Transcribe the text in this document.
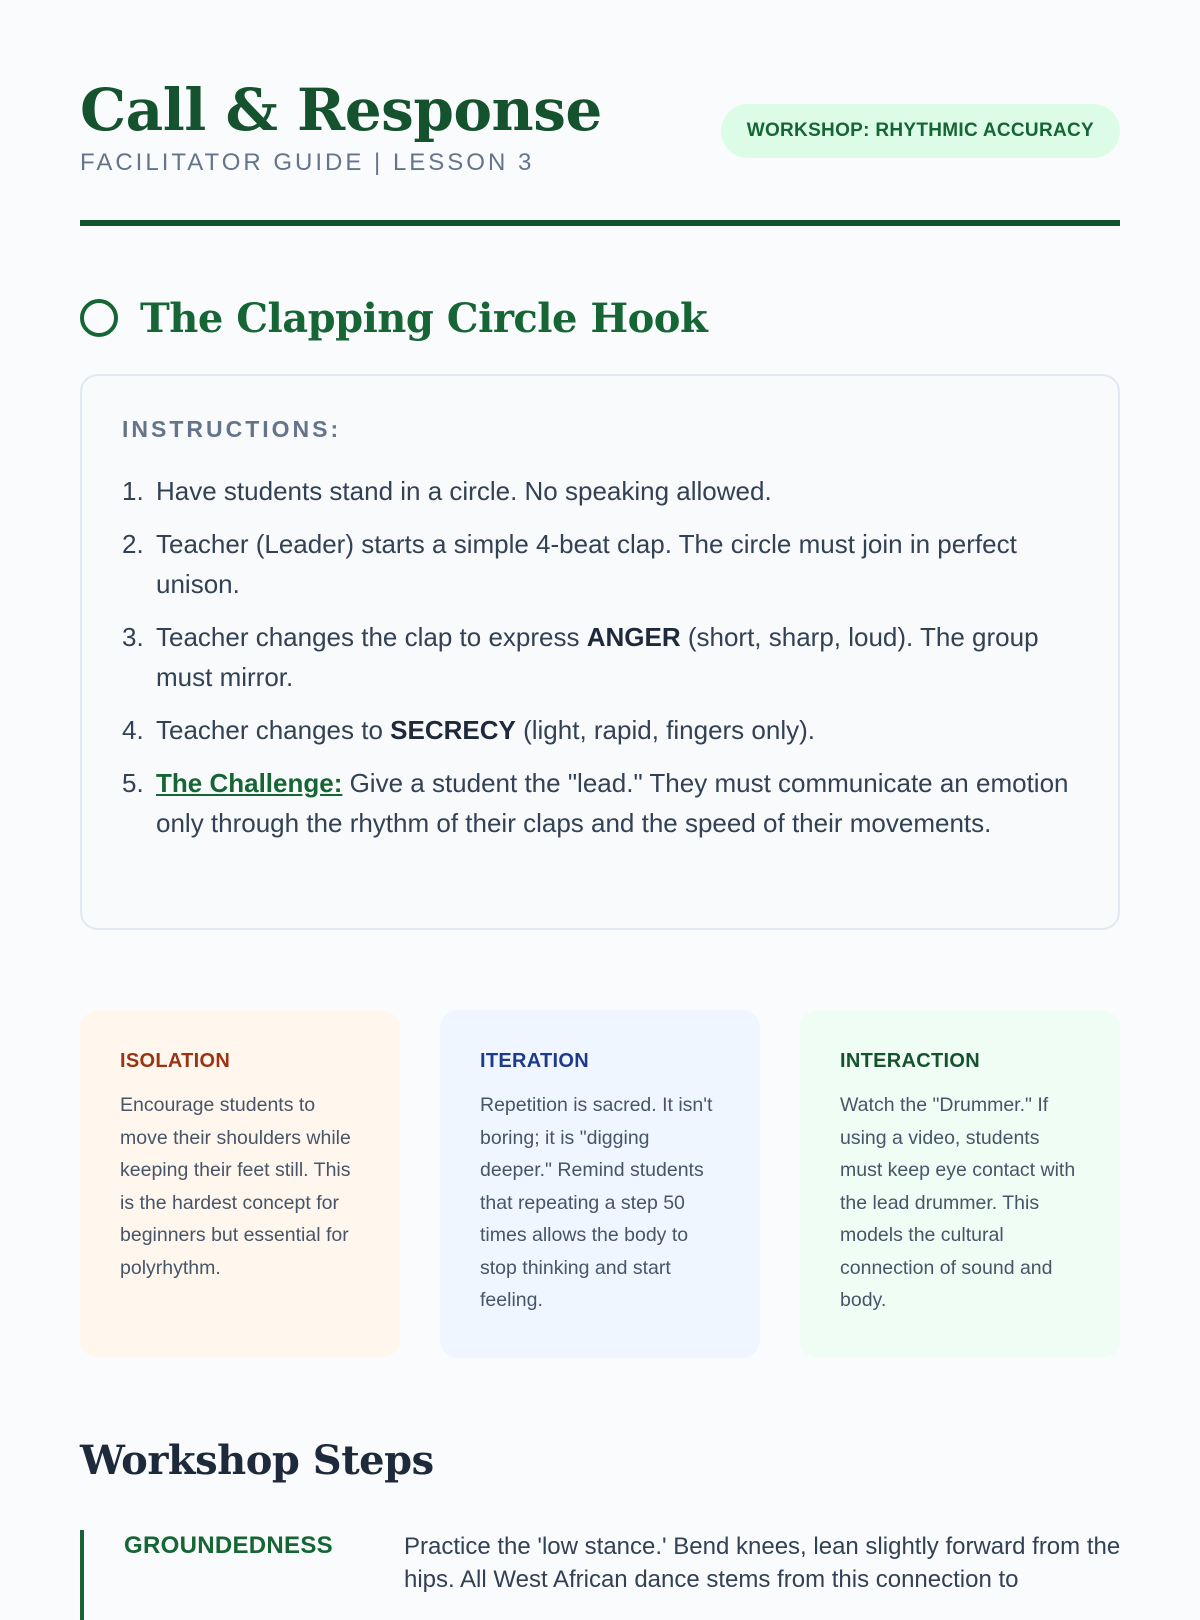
Call & Response
FACILITATOR GUIDE | LESSON 3
WORKSHOP: RHYTHMIC ACCURACY
The Clapping Circle Hook
INSTRUCTIONS:
1. Have students stand in a circle. No speaking allowed.
2. Teacher (Leader) starts a simple 4-beat clap. The circle must join in perfect unison.
3. Teacher changes the clap to express ANGER (short, sharp, loud). The group must mirror.
4. Teacher changes to SECRECY (light, rapid, fingers only).
5. The Challenge: Give a student the "lead." They must communicate an emotion only through the rhythm of their claps and the speed of their movements.
ISOLATION

Encourage students to move their shoulders while keeping their feet still. This is the hardest concept for beginners but essential for polyrhythm.

ITERATION

Repetition is sacred. It isn't boring; it is "digging deeper." Remind students that repeating a step 50 times allows the body to stop thinking and start feeling.

INTERACTION

Watch the "Drummer." If using a video, students must keep eye contact with the lead drummer. This models the cultural connection of sound and body.

Workshop Steps
GROUNDEDNESS	Practice the 'low stance.' Bend knees, lean slightly forward from the hips. All West African dance stems from this connection to
